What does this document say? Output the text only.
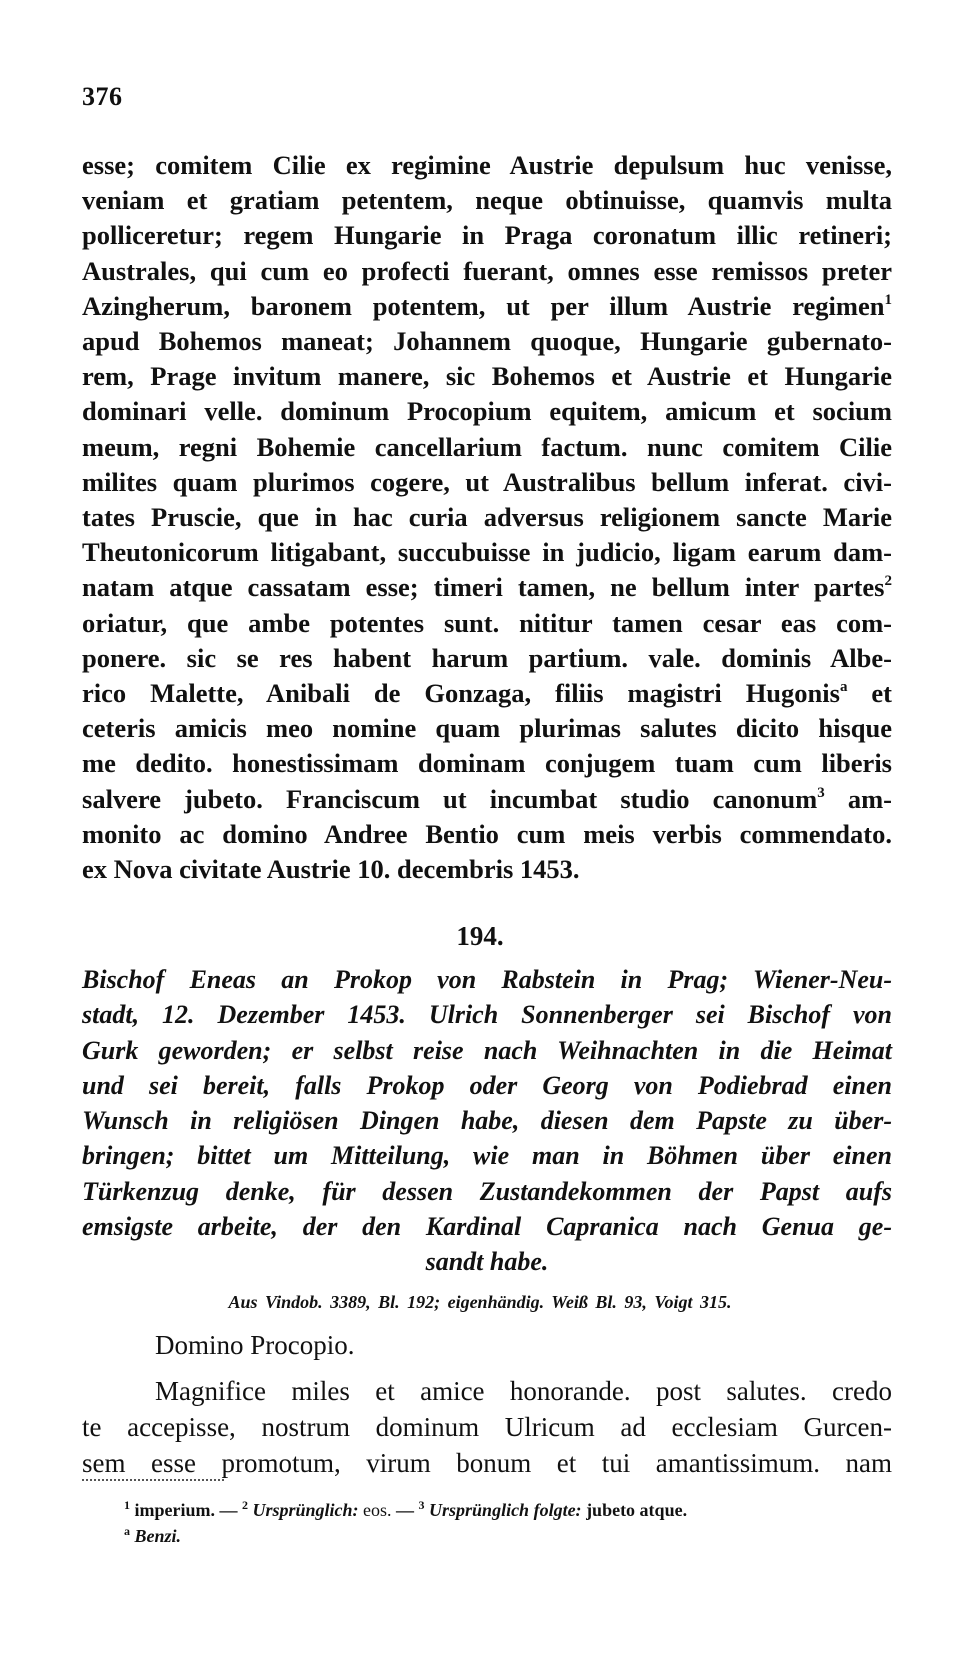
376
esse; comitem Cilie ex regimine Austrie depulsum huc venisse,
veniam et gratiam petentem, neque obtinuisse, quamvis multa
polliceretur; regem Hungarie in Praga coronatum illic retineri;
Australes, qui cum eo profecti fuerant, omnes esse remissos preter
Azingherum, baronem potentem, ut per illum Austrie regimen$^1$
apud Bohemos maneat; Johannem quoque, Hungarie gubernato-
rem, Prage invitum manere, sic Bohemos et Austrie et Hungarie
dominari velle. dominum Procopium equitem, amicum et socium
meum, regni Bohemie cancellarium factum. nunc comitem Cilie
milites quam plurimos cogere, ut Australibus bellum inferat. civi-
tates Pruscie, que in hac curia adversus religionem sancte Marie
Theutonicorum litigabant, succubuisse in judicio, ligam earum dam-
natam atque cassatam esse; timeri tamen, ne bellum inter partes$^2$
oriatur, que ambe potentes sunt. nititur tamen cesar eas com-
ponere. sic se res habent harum partium. vale. dominis Albe-
rico Malette, Anibali de Gonzaga, filiis magistri Hugonis$^a$ et
ceteris amicis meo nomine quam plurimas salutes dicito hisque
me dedito. honestissimam dominam conjugem tuam cum liberis
salvere jubeto. Franciscum ut incumbat studio canonum$^3$ am-
monito ac domino Andree Bentio cum meis verbis commendato.
ex Nova civitate Austrie 10. decembris 1453.
194.
Bischof Eneas an Prokop von Rabstein in Prag; Wiener-Neu-
stadt, 12. Dezember 1453. Ulrich Sonnenberger sei Bischof von
Gurk geworden; er selbst reise nach Weihnachten in die Heimat
und sei bereit, falls Prokop oder Georg von Podiebrad einen
Wunsch in religiösen Dingen habe, diesen dem Papste zu über-
bringen; bittet um Mitteilung, wie man in Böhmen über einen
Türkenzug denke, für dessen Zustandekommen der Papst aufs
emsigste arbeite, der den Kardinal Capranica nach Genua ge-
sandt habe.
Aus Vindob. 3389, Bl. 192; eigenhändig. Weiß Bl. 93, Voigt 315.
Domino Procopio.
Magnifice miles et amice honorande. post salutes. credo
te accepisse, nostrum dominum Ulricum ad ecclesiam Gurcen-
sem esse promotum, virum bonum et tui amantissimum. nam
$^1$ imperium. — $^2$ Ursprünglich: eos. — $^3$ Ursprünglich folgte: jubeto atque.
$^a$ Benzi.
